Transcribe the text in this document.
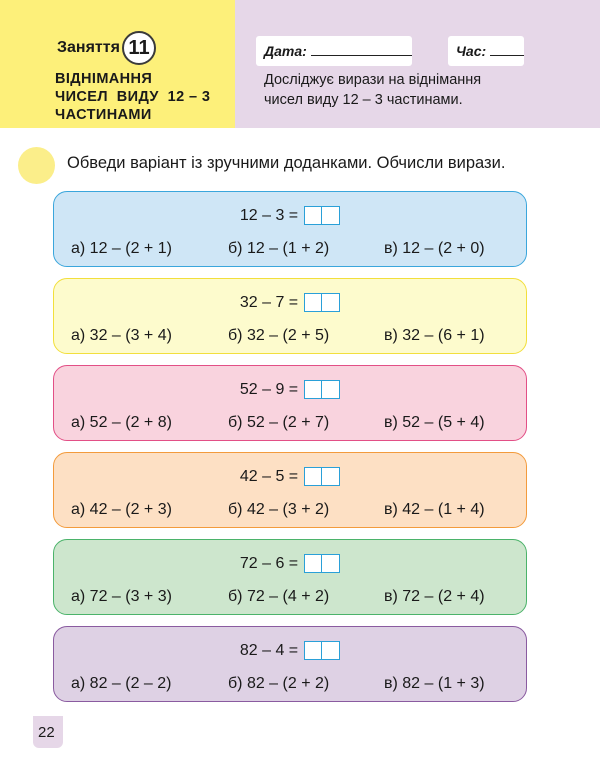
Заняття 11
ВІДНІМАННЯ
ЧИСЕЛ  ВИДУ  12 – 3
ЧАСТИНАМИ
Дата:	Час:
Досліджує вирази на віднімання
чисел виду 12 – 3 частинами.
Обведи варіант із зручними доданками. Обчисли вирази.
12 – 3 =
а) 12 – (2 + 1)	б) 12 – (1 + 2)	в) 12 – (2 + 0)
32 – 7 =
а) 32 – (3 + 4)	б) 32 – (2 + 5)	в) 32 – (6 + 1)
52 – 9 =
а) 52 – (2 + 8)	б) 52 – (2 + 7)	в) 52 – (5 + 4)
42 – 5 =
а) 42 – (2 + 3)	б) 42 – (3 + 2)	в) 42 – (1 + 4)
72 – 6 =
а) 72 – (3 + 3)	б) 72 – (4 + 2)	в) 72 – (2 + 4)
82 – 4 =
а) 82 – (2 – 2)	б) 82 – (2 + 2)	в) 82 – (1 + 3)
22
